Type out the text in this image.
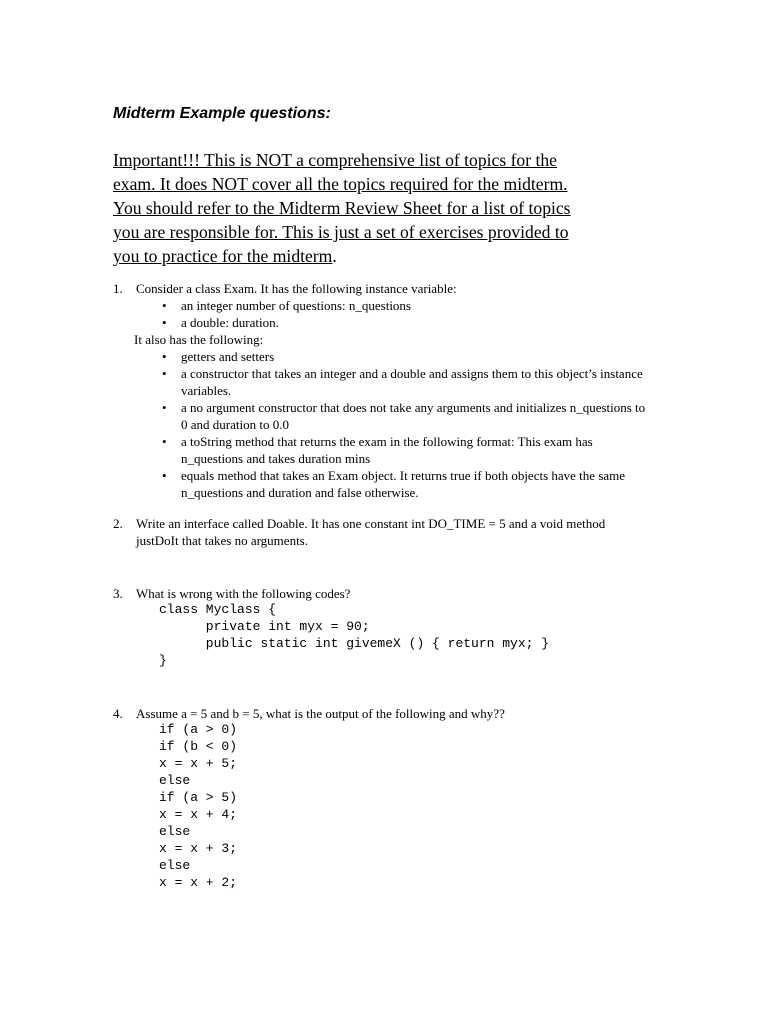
Midterm Example questions:
Important!!! This is NOT a comprehensive list of topics for the
exam. It does NOT cover all the topics required for the midterm.
You should refer to the Midterm Review Sheet for a list of topics
you are responsible for. This is just a set of exercises provided to
you to practice for the midterm.
1. Consider a class Exam. It has the following instance variable:
• an integer number of questions: n_questions
• a double: duration.
It also has the following:
• getters and setters
• a constructor that takes an integer and a double and assigns them to this object’s instance variables.
• a no argument constructor that does not take any arguments and initializes n_questions to 0 and duration to 0.0
• a toString method that returns the exam in the following format: This exam has n_questions and takes duration mins
• equals method that takes an Exam object. It returns true if both objects have the same n_questions and duration and false otherwise.
2. Write an interface called Doable. It has one constant int DO_TIME = 5 and a void method justDoIt that takes no arguments.
3. What is wrong with the following codes?
class Myclass {
private int myx = 90;
public static int givemeX () { return myx; }
}
4. Assume a = 5 and b = 5, what is the output of the following and why??
if (a > 0)
if (b < 0)
x = x + 5;
else
if (a > 5)
x = x + 4;
else
x = x + 3;
else
x = x + 2;
